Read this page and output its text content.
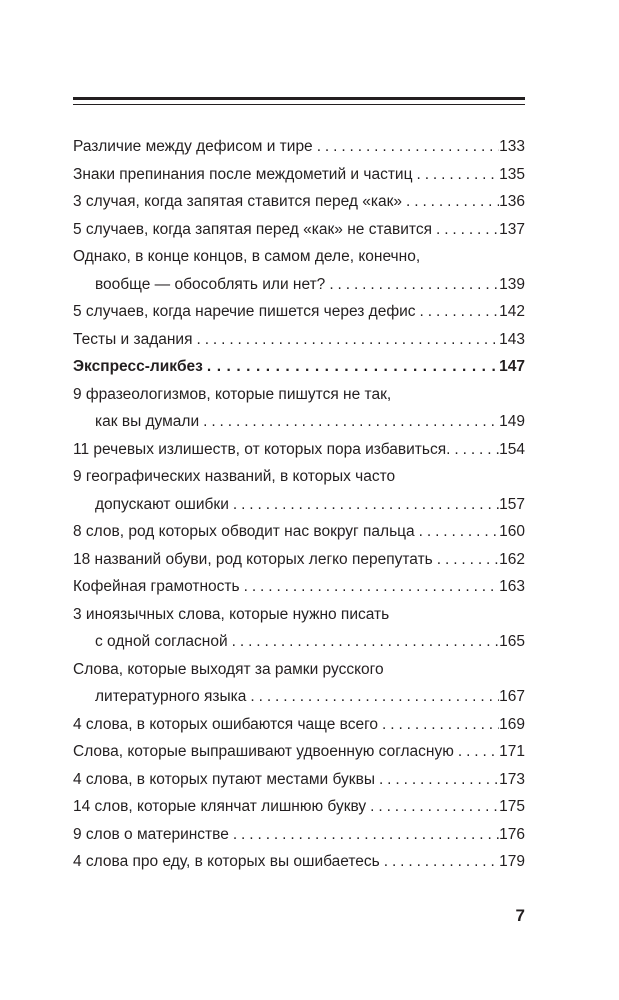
Различие между дефисом и тире . . .	133
Знаки препинания после междометий и частиц . . .	135
3 случая, когда запятая ставится перед «как» . . .	136
5 случаев, когда запятая перед «как» не ставится . . .	137
Однако, в конце концов, в самом деле, конечно,
вообще — обособлять или нет? . . .	139
5 случаев, когда наречие пишется через дефис . . .	142
Тесты и задания . . .	143
Экспресс-ликбез . . .	147
9 фразеологизмов, которые пишутся не так,
как вы думали . . .	149
11 речевых излишеств, от которых пора избавиться. . . .	154
9 географических названий, в которых часто
допускают ошибки . . .	157
8 слов, род которых обводит нас вокруг пальца . . .	160
18 названий обуви, род которых легко перепутать . . .	162
Кофейная грамотность . . .	163
3 иноязычных слова, которые нужно писать
с одной согласной . . .	165
Слова, которые выходят за рамки русского
литературного языка . . .	167
4 слова, в которых ошибаются чаще всего . . .	169
Слова, которые выпрашивают удвоенную согласную . . .	171
4 слова, в которых путают местами буквы . . .	173
14 слов, которые клянчат лишнюю букву . . .	175
9 слов о материнстве . . .	176
4 слова про еду, в которых вы ошибаетесь . . .	179
7
